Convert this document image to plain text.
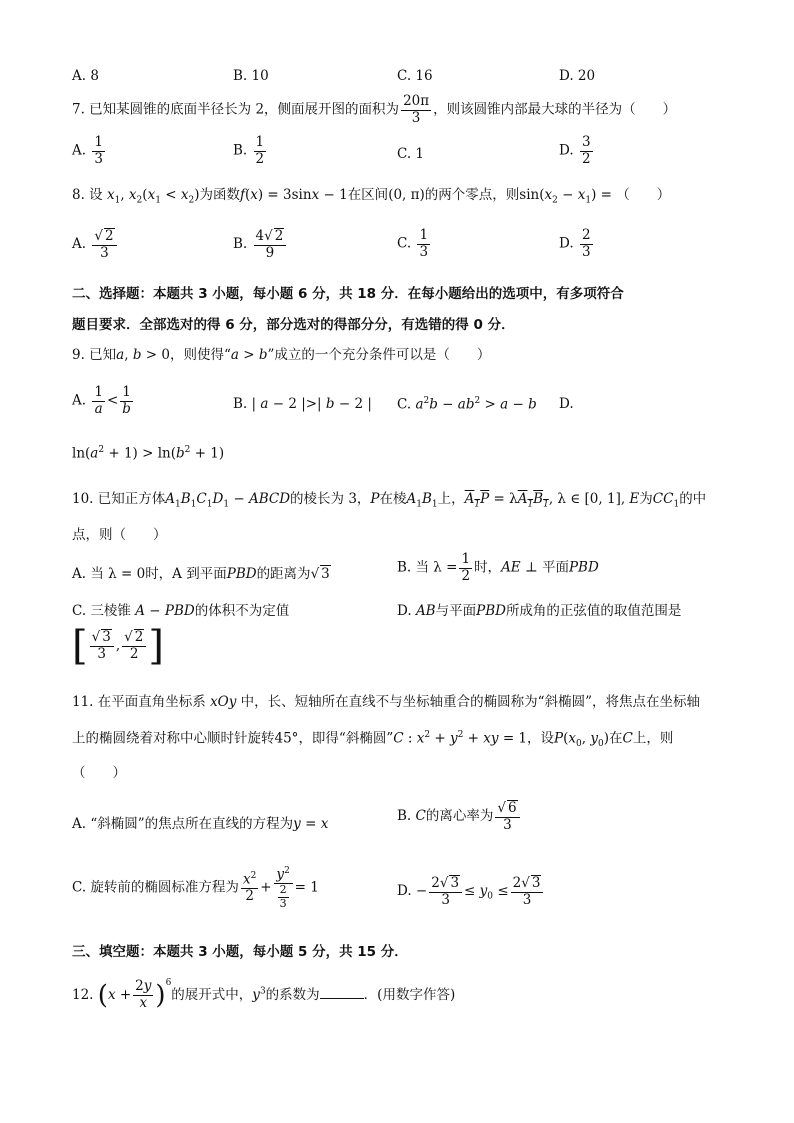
A. 8	B. 10	C. 16	D. 20
7. 已知某圆锥的底面半径长为 2，侧面展开图的面积为 $\frac{20\pi}{3}$ ，则该圆锥内部最大球的半径为（　　）
A. $\frac{1}{3}$	B. $\frac{1}{2}$	C. 1	D. $\frac{3}{2}$
8. 设 $x_1$, $x_2(x_1 < x_2)$为函数f(x) = 3sinx − 1在区间(0, π)的两个零点，则$\sin(x_2 - x_1)$ = （　　）
A. $\frac{√ 2}{3}$	B. $\frac{4√ 2}{9}$	C. $\frac{1}{3}$	D. $\frac{2}{3}$
二、选择题：本题共 3 小题，每小题 6 分，共 18 分．在每小题给出的选项中，有多项符合
题目要求．全部选对的得 6 分，部分选对的得部分分，有选错的得 0 分．
9. 已知a, b > 0，则使得“a > b”成立的一个充分条件可以是（　　）
A. $\frac{1}{a} < \frac{1}{b}$	B. | a − 2 |>| b − 2 | C. $a^2b - ab^2 > a - b$ D.
$\ln(a^2 + 1) > \ln(b^2 + 1)$
10. 已知正方体$A_1B_1C_1D_1$ − ABCD的棱长为 3，P在棱$A_1B_1$上，$A_1P = \lambda A_1B_1$, λ ∈ [0, 1], E为$CC_1$的中
点，则（　　）
A. 当 λ = 0时，A 到平面PBD的距离为√ 3	B. 当 $\lambda = \frac{1}{2}$ 时，AE ⊥ 平面PBD
C. 三棱锥 A − PBD的体积不为定值	D. AB与平面PBD所成角的正弦值的取值范围是
[ $\frac{√ 3}{3}$ , $\frac{√ 2}{2}$ ]
11. 在平面直角坐标系 xOy 中，长、短轴所在直线不与坐标轴重合的椭圆称为“斜椭圆”，将焦点在坐标轴
上的椭圆绕着对称中心顺时针旋转45°，即得“斜椭圆”C : $x^2 + y^2$ + xy = 1，设$P(x_0$, $y_0$)在C上，则
（　　）
A. “斜椭圆”的焦点所在直线的方程为y = x	B. C的离心率为 $\frac{√ 6}{3}$
C. 旋转前的椭圆标准方程为 $\frac{x^2}{2} + \frac{y^2}{\frac{2}{3}} = 1$	D. − $\frac{2√ 3}{3} \le y_0 \le \frac{2√ 3}{3}$
三、填空题：本题共 3 小题，每小题 5 分，共 15 分．
12. $(x + \frac{2y}{x} )^6$的展开式中，$y^3$的系数为	．(用数字作答)
